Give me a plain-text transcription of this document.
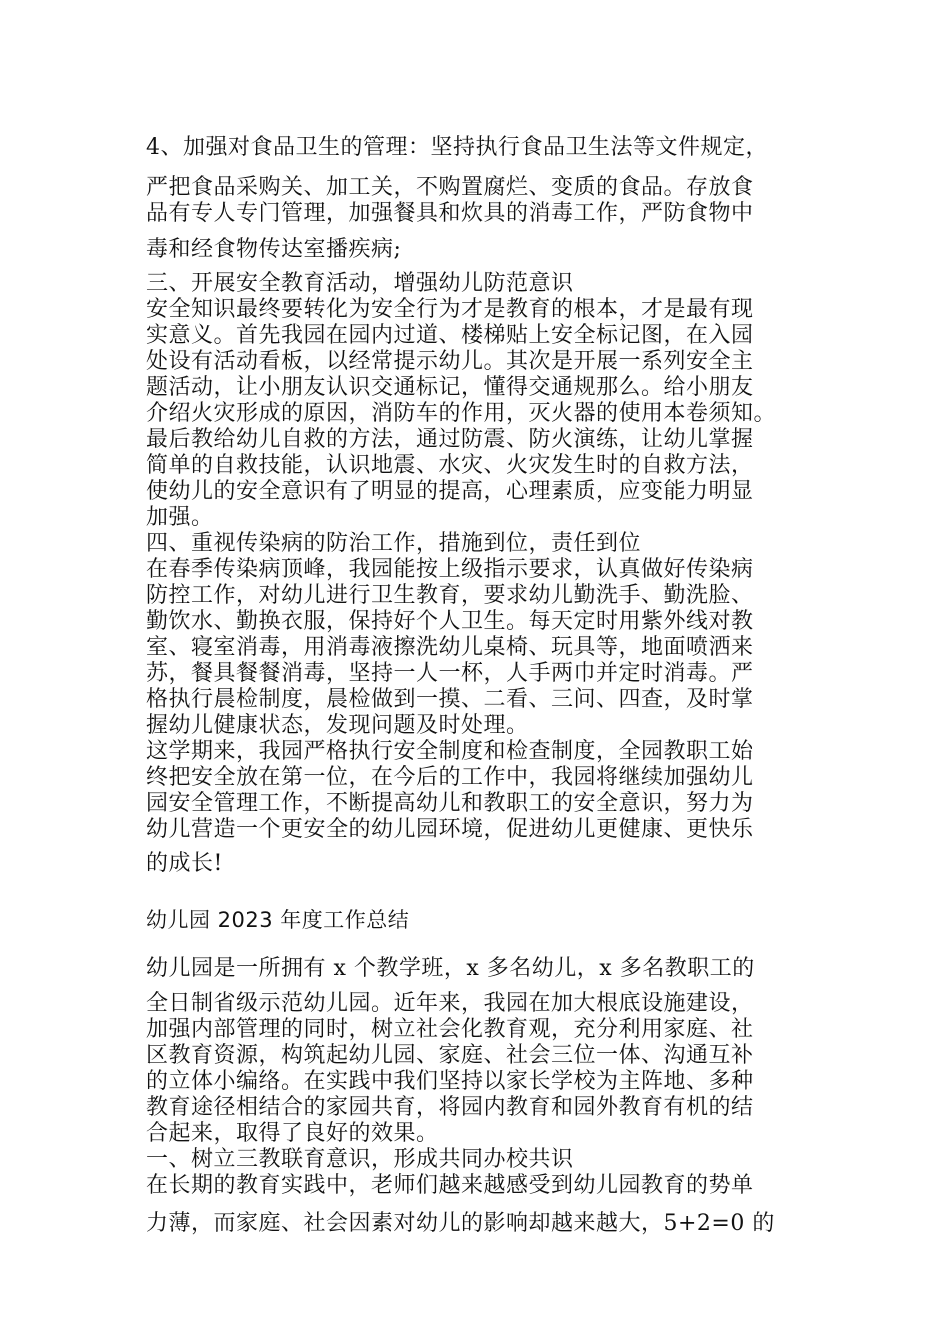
4、加强对食品卫生的管理：坚持执行食品卫生法等文件规定，

严把食品采购关、加工关，不购置腐烂、变质的食品。存放食

品有专人专门管理，加强餐具和炊具的消毒工作，严防食物中

毒和经食物传达室播疾病;

三、开展安全教育活动，增强幼儿防范意识

安全知识最终要转化为安全行为才是教育的根本，才是最有现

实意义。首先我园在园内过道、楼梯贴上安全标记图，在入园

处设有活动看板，以经常提示幼儿。其次是开展一系列安全主

题活动，让小朋友认识交通标记，懂得交通规那么。给小朋友

介绍火灾形成的原因，消防车的作用，灭火器的使用本卷须知。

最后教给幼儿自救的方法，通过防震、防火演练，让幼儿掌握

简单的自救技能，认识地震、水灾、火灾发生时的自救方法，

使幼儿的安全意识有了明显的提高，心理素质，应变能力明显

加强。

四、重视传染病的防治工作，措施到位，责任到位

在春季传染病顶峰，我园能按上级指示要求，认真做好传染病

防控工作，对幼儿进行卫生教育，要求幼儿勤洗手、勤洗脸、

勤饮水、勤换衣服，保持好个人卫生。每天定时用紫外线对教

室、寝室消毒，用消毒液擦洗幼儿桌椅、玩具等，地面喷洒来

苏，餐具餐餐消毒，坚持一人一杯，人手两巾并定时消毒。严

格执行晨检制度，晨检做到一摸、二看、三问、四查，及时掌

握幼儿健康状态，发现问题及时处理。

这学期来，我园严格执行安全制度和检查制度，全园教职工始

终把安全放在第一位，在今后的工作中，我园将继续加强幼儿

园安全管理工作，不断提高幼儿和教职工的安全意识，努力为

幼儿营造一个更安全的幼儿园环境，促进幼儿更健康、更快乐

的成长!

幼儿园 2023 年度工作总结

幼儿园是一所拥有 x 个教学班，x 多名幼儿，x 多名教职工的

全日制省级示范幼儿园。近年来，我园在加大根底设施建设，

加强内部管理的同时，树立社会化教育观，充分利用家庭、社

区教育资源，构筑起幼儿园、家庭、社会三位一体、沟通互补

的立体小编络。在实践中我们坚持以家长学校为主阵地、多种

教育途径相结合的家园共育，将园内教育和园外教育有机的结

合起来，取得了良好的效果。

一、树立三教联育意识，形成共同办校共识

在长期的教育实践中，老师们越来越感受到幼儿园教育的势单

力薄，而家庭、社会因素对幼儿的影响却越来越大，5+2=0 的
